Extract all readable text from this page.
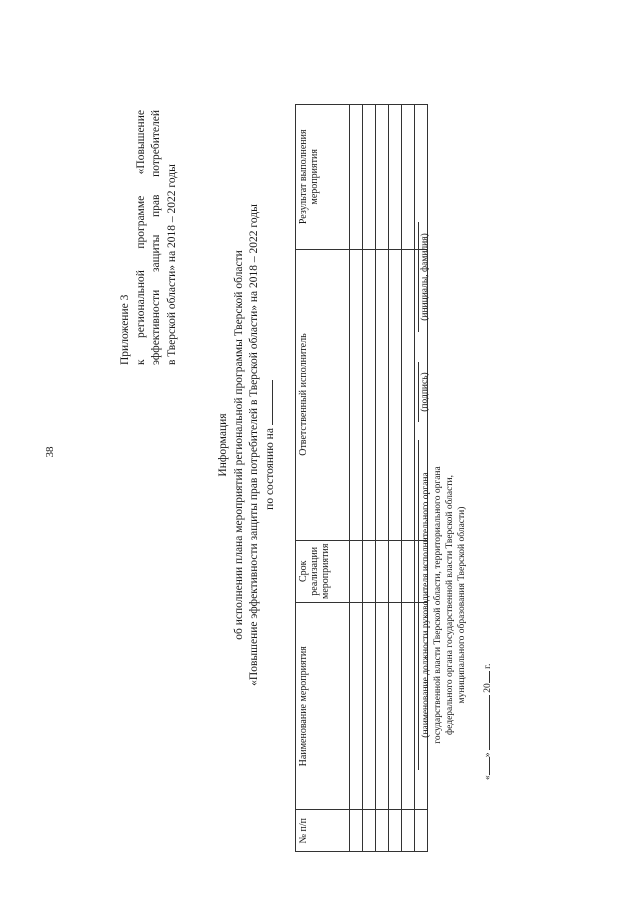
38
Приложение 3 к
региональной
программе
«Повышение
эффективности
защиты
прав
потребителей
в Тверской области» на 2018 – 2022 годы
Информация об исполнении плана мероприятий региональной программы Тверской области «Повышение эффективности защиты прав потребителей в Тверской области» на 2018 – 2022 годы по состоянию на
№ п/п	Наименование мероприятия	Срок реализации мероприятия	Ответственный исполнитель	Результат выполнения мероприятия

(наименование должности руководителя исполнительного органа государственной власти Тверской области, территориального органа федерального органа государственной власти Тверской области, муниципального образования Тверской области)
(подпись)
(инициалы, фамилия)
«»  20 г.
